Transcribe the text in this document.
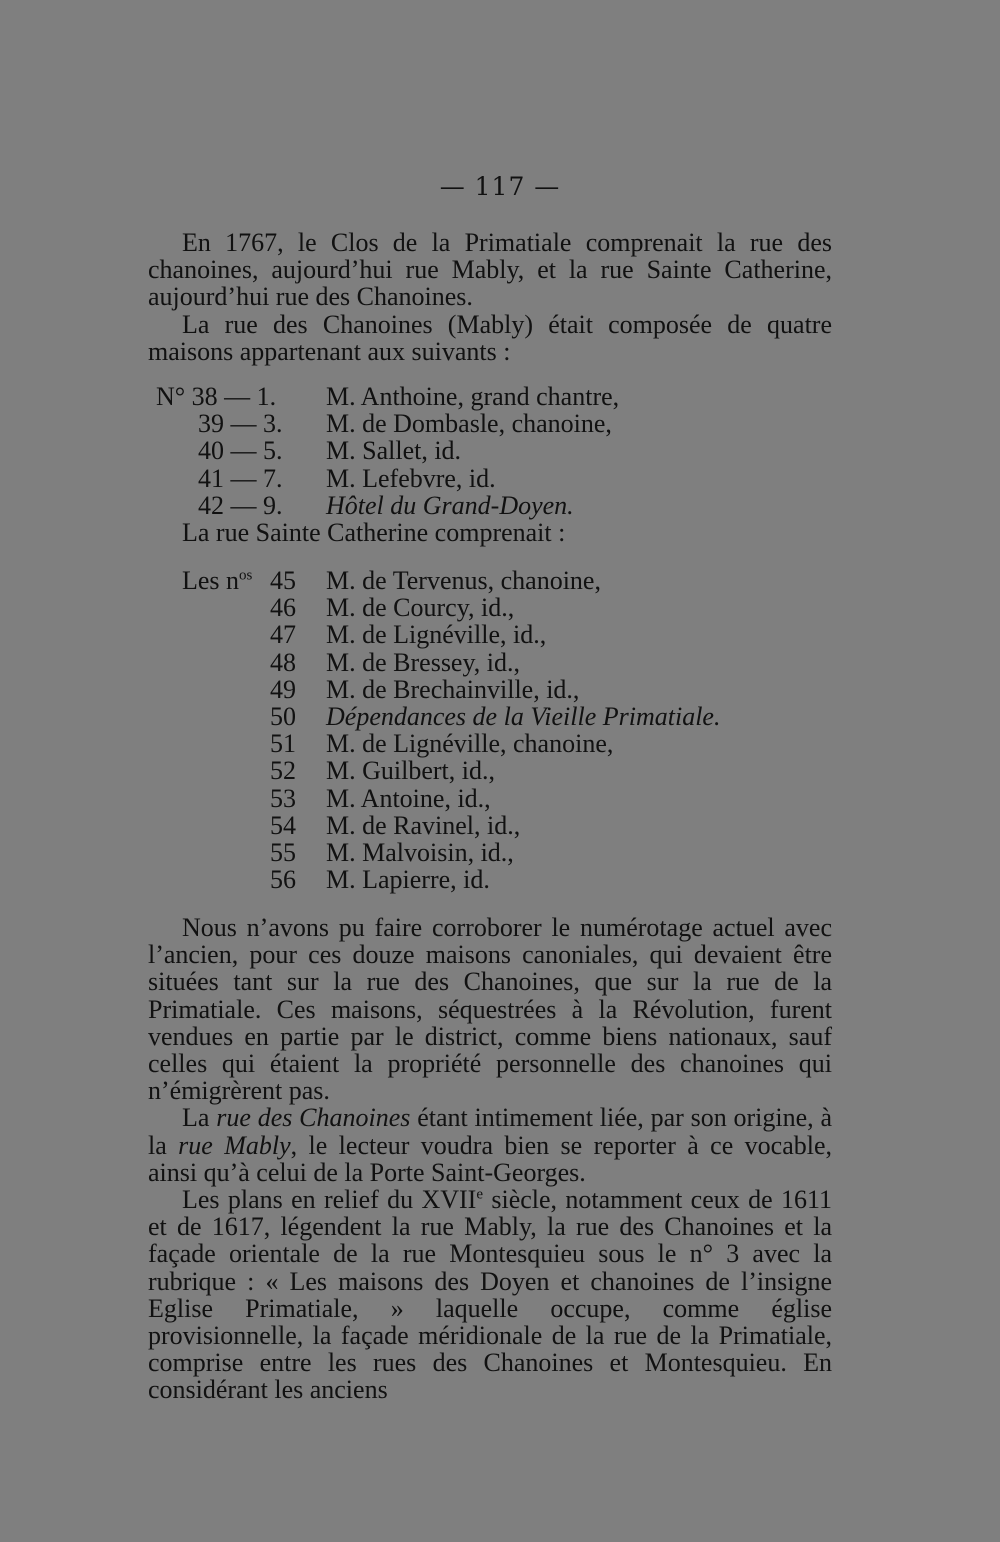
— 117 —

En 1767, le Clos de la Primatiale comprenait la rue des chanoines, aujourd’hui rue Mably, et la rue Sainte Catherine, aujourd’hui rue des Chanoines.

La rue des Chanoines (Mably) était composée de quatre maisons appartenant aux suivants :

N° 38 — 1. M. Anthoine, grand chantre,
39 — 3. M. de Dombasle, chanoine,
40 — 5. M. Sallet, id.
41 — 7. M. Lefebvre, id.
42 — 9. Hôtel du Grand-Doyen.
La rue Sainte Catherine comprenait :
Les $n^{os}$ 45 M. de Tervenus, chanoine,
46 M. de Courcy, id.,
47 M. de Lignéville, id.,
48 M. de Bressey, id.,
49 M. de Brechainville, id.,
50 Dépendances de la Vieille Primatiale.
51 M. de Lignéville, chanoine,
52 M. Guilbert, id.,
53 M. Antoine, id.,
54 M. de Ravinel, id.,
55 M. Malvoisin, id.,
56 M. Lapierre, id.

Nous n’avons pu faire corroborer le numérotage actuel avec l’ancien, pour ces douze maisons canoniales, qui devaient être situées tant sur la rue des Chanoines, que sur la rue de la Primatiale. Ces maisons, séquestrées à la Révolution, furent vendues en partie par le district, comme biens nationaux, sauf celles qui étaient la propriété personnelle des chanoines qui n’émigrèrent pas.

La rue des Chanoines étant intimement liée, par son origine, à la rue Mably, le lecteur voudra bien se reporter à ce vocable, ainsi qu’à celui de la Porte Saint-Georges.

Les plans en relief du XVIIe siècle, notamment ceux de 1611 et de 1617, légendent la rue Mably, la rue des Chanoines et la façade orientale de la rue Montesquieu sous le n° 3 avec la rubrique : « Les maisons des Doyen et chanoines de l’insigne Eglise Primatiale, » laquelle occupe, comme église provisionnelle, la façade méridionale de la rue de la Primatiale, comprise entre les rues des Chanoines et Montesquieu. En considérant les anciens
